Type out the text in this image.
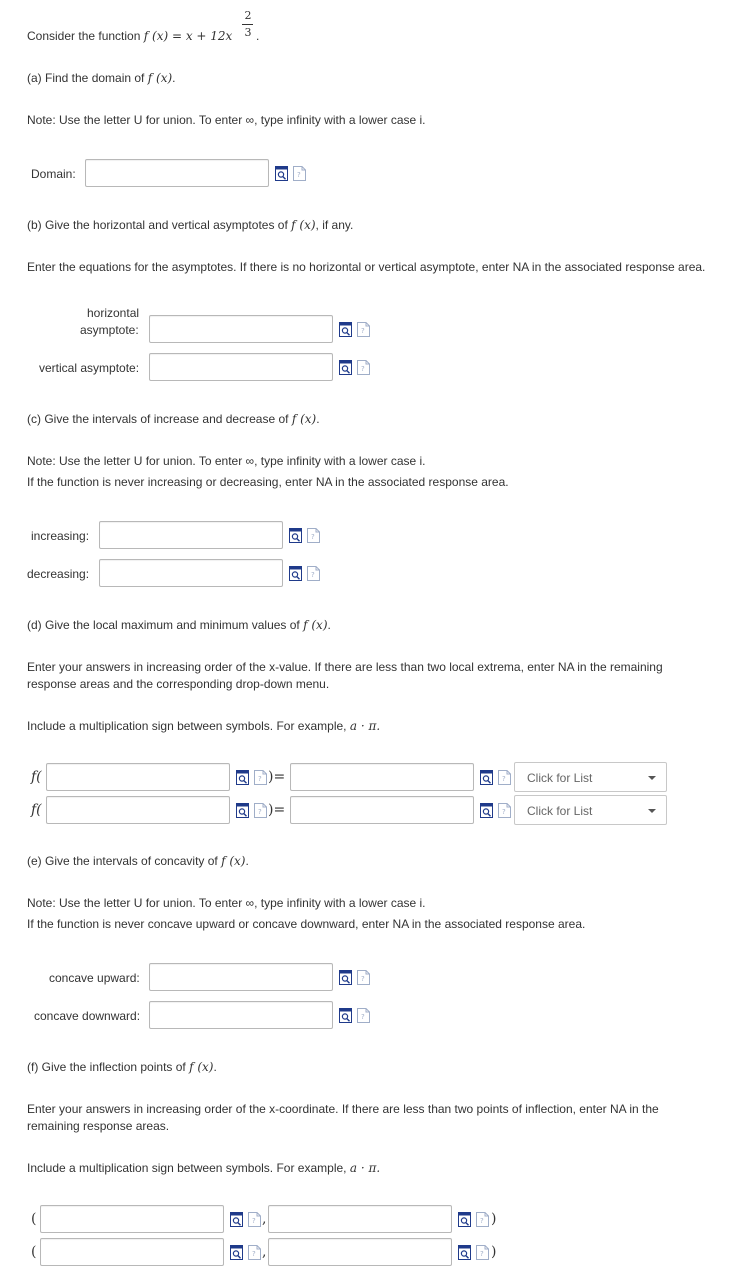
Consider the function f (x) = x + 12x
2
3 .
(a) Find the domain of f (x).
Note: Use the letter U for union. To enter ∞, type infinity with a lower case i.
Domain:
(b) Give the horizontal and vertical asymptotes of f (x), if any.
Enter the equations for the asymptotes. If there is no horizontal or vertical asymptote, enter NA in the associated response area.
horizontal
asymptote:
vertical asymptote:
(c) Give the intervals of increase and decrease of f (x).
Note: Use the letter U for union. To enter ∞, type infinity with a lower case i.
If the function is never increasing or decreasing, enter NA in the associated response area.
increasing:
decreasing:
(d) Give the local maximum and minimum values of f (x).
Enter your answers in increasing order of the x-value. If there are less than two local extrema, enter NA in the remaining
response areas and the corresponding drop-down menu.
Include a multiplication sign between symbols. For example, a · π.
f(	)=	Click for List
f(	)=	Click for List
(e) Give the intervals of concavity of f (x).
Note: Use the letter U for union. To enter ∞, type infinity with a lower case i.
If the function is never concave upward or concave downward, enter NA in the associated response area.
concave upward:
concave downward:
(f) Give the inflection points of f (x).
Enter your answers in increasing order of the x-coordinate. If there are less than two points of inflection, enter NA in the
remaining response areas.
Include a multiplication sign between symbols. For example, a · π.
(	,	)
(	,	)
